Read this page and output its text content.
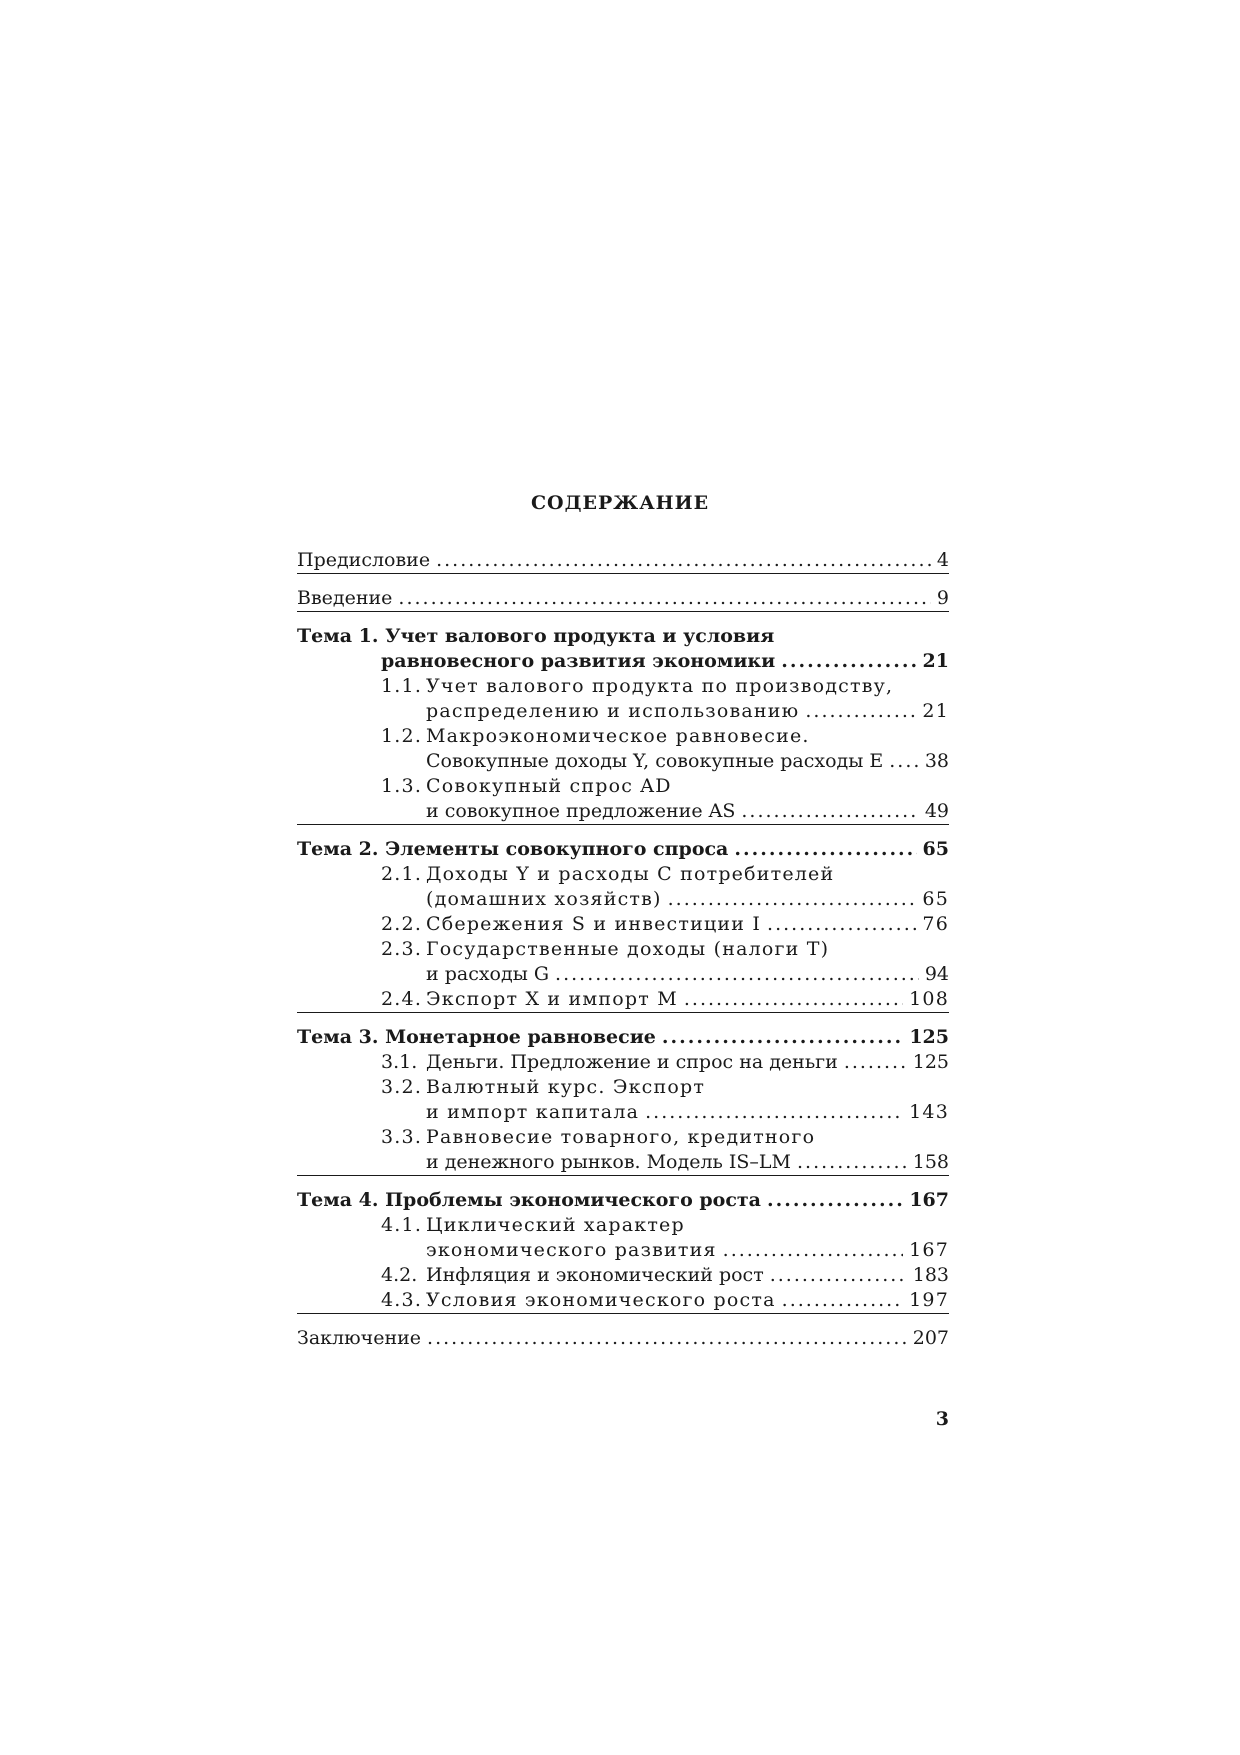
СОДЕРЖАНИЕ
Предисловие .....	4
Введение .....	9
Тема 1. Учет валового продукта и условия
равновесного развития экономики .....	21
1.1. Учет валового продукта по производству,
распределению и использованию .....	21
1.2. Макроэкономическое равновесие.
Совокупные доходы Y, совокупные расходы E ..... 38
1.3. Совокупный спрос AD
и совокупное предложение AS .....	49
Тема 2. Элементы совокупного спроса .....	65
2.1. Доходы Y и расходы C потребителей
(домашних хозяйств) .....	65
2.2. Сбережения S и инвестиции I .....	76
2.3. Государственные доходы (налоги T)
и расходы G .....	94
2.4. Экспорт X и импорт M .....	108
Тема 3. Монетарное равновесие .....	125
3.1. Деньги. Предложение и спрос на деньги .....	125
3.2. Валютный курс. Экспорт
и импорт капитала .....	143
3.3. Равновесие товарного, кредитного
и денежного рынков. Модель IS–LM .....	158
Тема 4. Проблемы экономического роста .....	167
4.1. Циклический характер
экономического развития .....	167
4.2. Инфляция и экономический рост .....	183
4.3. Условия экономического роста .....	197
Заключение .....	207
3
